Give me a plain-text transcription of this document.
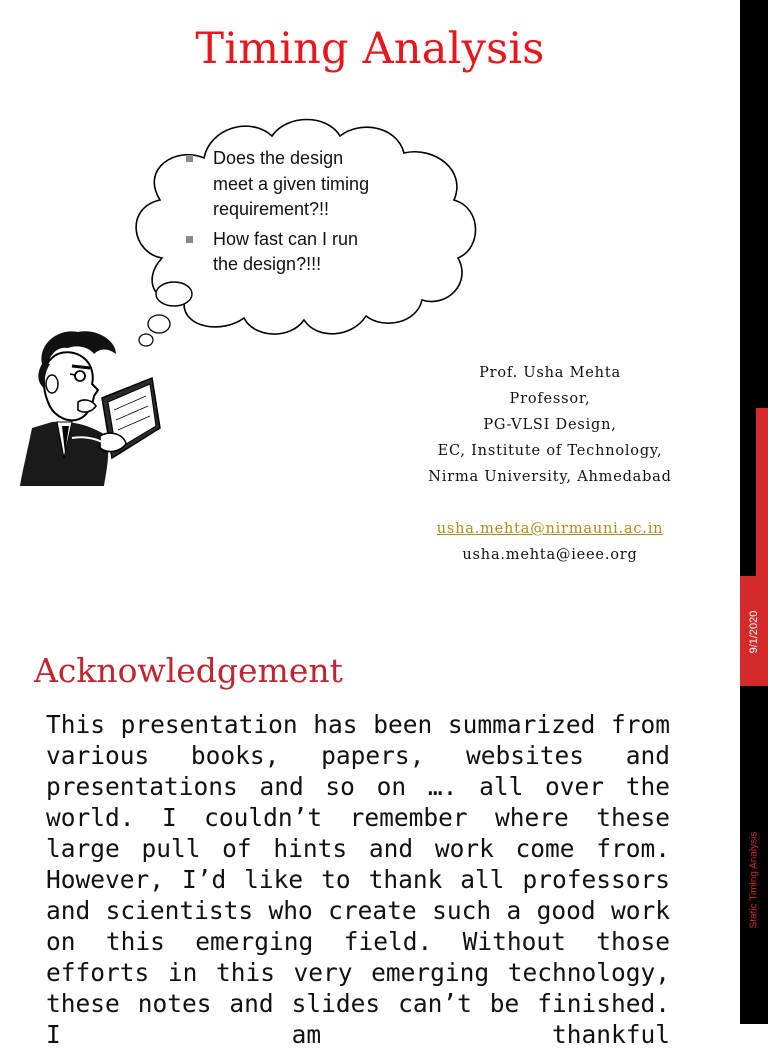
Timing Analysis
Does the design meet a given timing requirement?!!
How fast can I run the design?!!!
Prof. Usha Mehta
Professor,
PG-VLSI Design,
EC, Institute of Technology,
Nirma University, Ahmedabad
usha.mehta@nirmauni.ac.in
usha.mehta@ieee.org
Acknowledgement

This presentation has been summarized from various books, papers, websites and presentations and so on …. all over the world. I couldn’t remember where these large pull of hints and work come from. However, I’d like to thank all professors and scientists who create such a good work on this emerging field. Without those efforts in this very emerging technology, these notes and slides can’t be finished. I am thankful

9/1/2020
Static Timing Analysis
